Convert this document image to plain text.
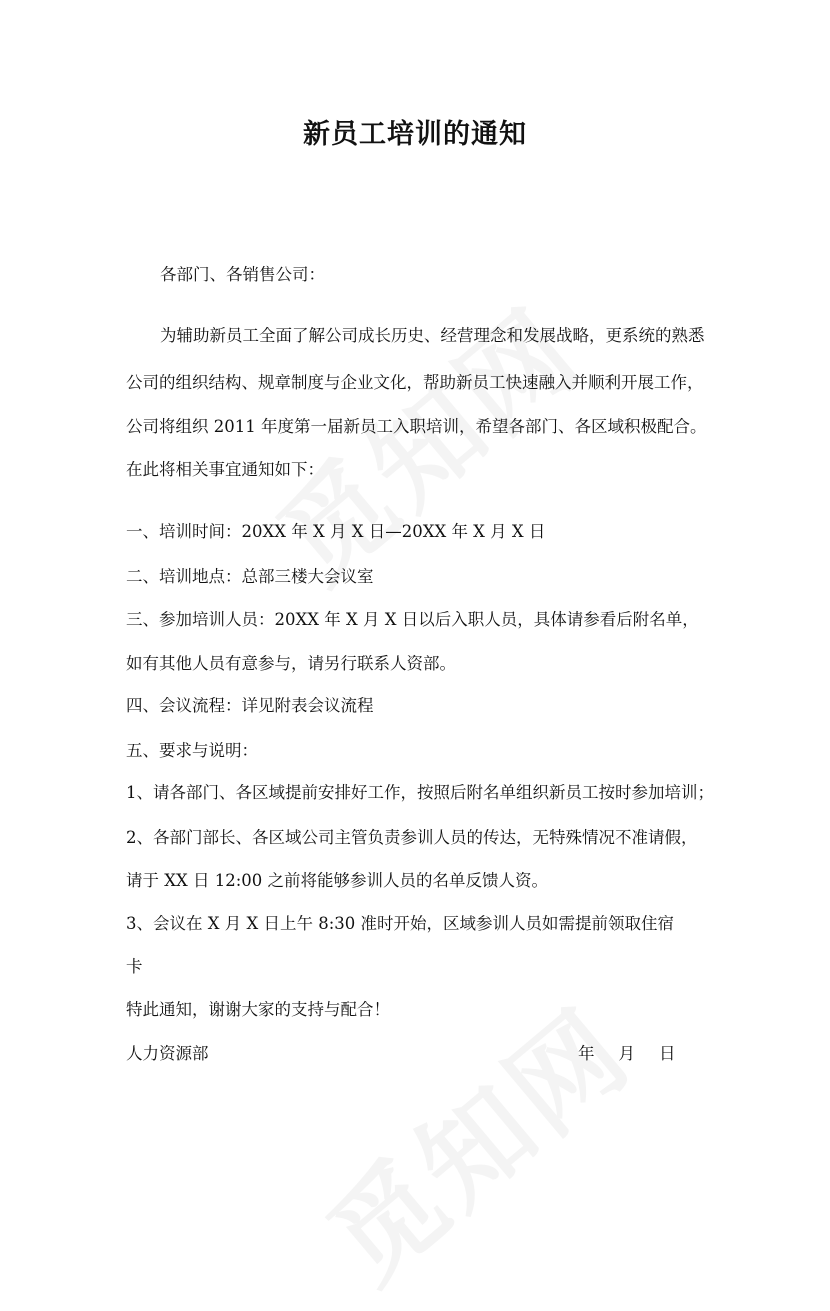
新员工培训的通知
各部门、各销售公司：
为辅助新员工全面了解公司成长历史、经营理念和发展战略，更系统的熟悉
公司的组织结构、规章制度与企业文化，帮助新员工快速融入并顺利开展工作，
公司将组织 2011 年度第一届新员工入职培训，希望各部门、各区域积极配合。
在此将相关事宜通知如下：
一、培训时间：20XX 年 X 月 X 日—20XX 年 X 月 X 日
二、培训地点：总部三楼大会议室
三、参加培训人员：20XX 年 X 月 X 日以后入职人员，具体请参看后附名单，
如有其他人员有意参与，请另行联系人资部。
四、会议流程：详见附表会议流程
五、要求与说明：
1、请各部门、各区域提前安排好工作，按照后附名单组织新员工按时参加培训；
2、各部门部长、各区域公司主管负责参训人员的传达，无特殊情况不准请假，
请于 XX 日 12:00 之前将能够参训人员的名单反馈人资。
3、会议在 X 月 X 日上午 8:30 准时开始，区域参训人员如需提前领取住宿
卡
特此通知，谢谢大家的支持与配合！
人力资源部	年 月 日
